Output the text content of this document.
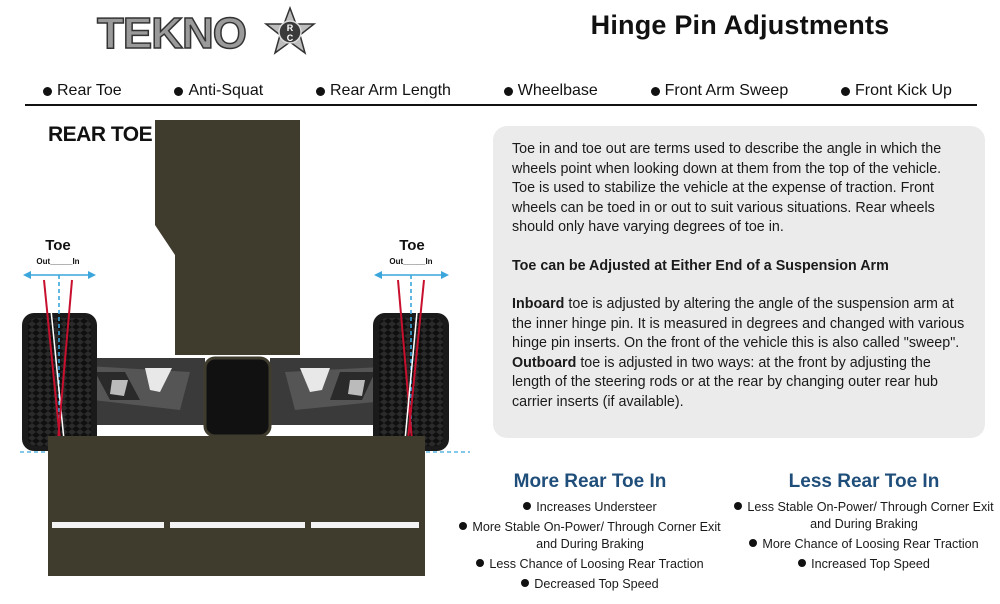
TEKNO	R
C	Hinge Pin Adjustments
Rear Toe	Anti-Squat	Rear Arm Length	Wheelbase	Front Arm Sweep	Front Kick Up
Toe
Out_____In
Toe
Out_____In
REAR TOE

Toe in and toe out are terms used to describe the angle in which the wheels point when looking down at them from the top of the vehicle. Toe is used to stabilize the vehicle at the expense of traction. Front wheels can be toed in or out to suit various situations. Rear wheels should only have varying degrees of toe in.

Toe can be Adjusted at Either End of a Suspension Arm

Inboard toe is adjusted by altering the angle of the suspension arm at the inner hinge pin. It is measured in degrees and changed with various hinge pin inserts. On the front of the vehicle this is also called "sweep".

Outboard toe is adjusted in two ways: at the front by adjusting the length of the steering rods or at the rear by changing outer rear hub carrier inserts (if available).

More Rear Toe In
Increases Understeer
More Stable On-Power/ Through Corner Exit and During Braking
Less Chance of Loosing Rear Traction
Decreased Top Speed
Less Rear Toe In
Less Stable On-Power/ Through Corner Exit and During Braking
More Chance of Loosing Rear Traction
Increased Top Speed
